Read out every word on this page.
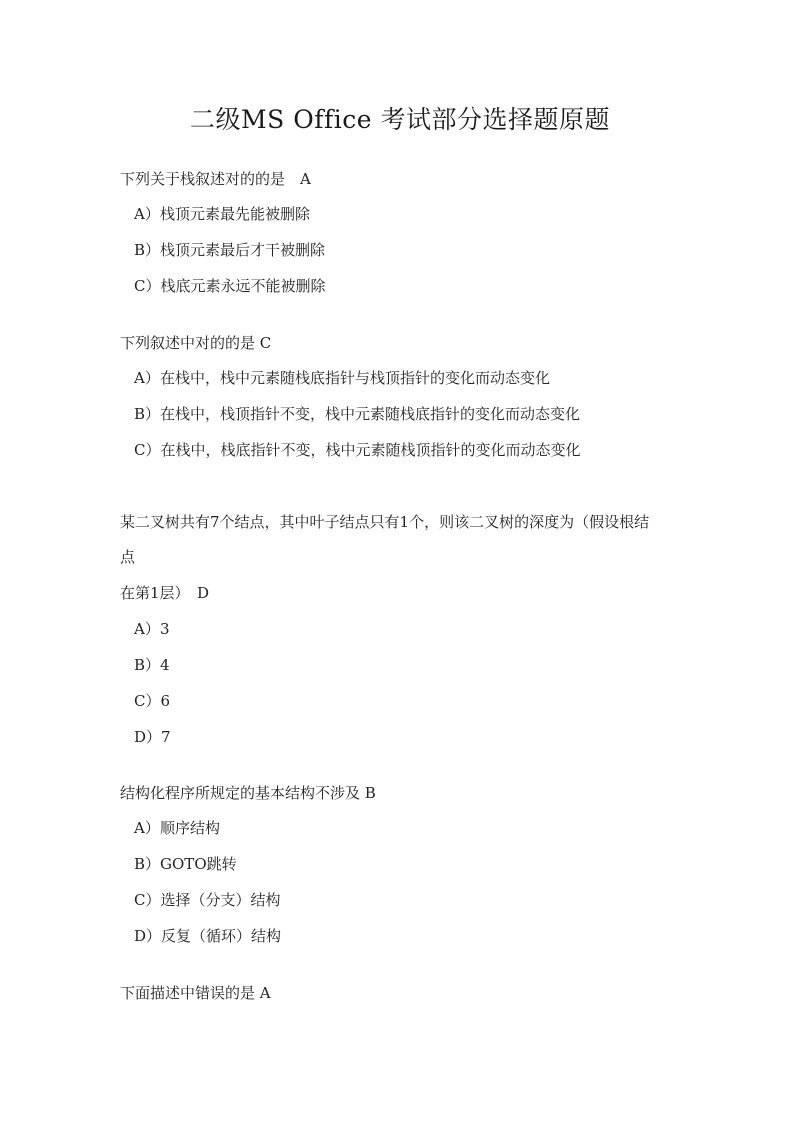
二级MS Office 考试部分选择题原题
下列关于栈叙述对的的是　A
A）栈顶元素最先能被删除
B）栈顶元素最后才干被删除
C）栈底元素永远不能被删除
下列叙述中对的的是 C
A）在栈中，栈中元素随栈底指针与栈顶指针的变化而动态变化
B）在栈中，栈顶指针不变，栈中元素随栈底指针的变化而动态变化
C）在栈中，栈底指针不变，栈中元素随栈顶指针的变化而动态变化
某二叉树共有7个结点，其中叶子结点只有1个，则该二叉树的深度为（假设根结
点
在第1层）　D
A）3
B）4
C）6
D）7
结构化程序所规定的基本结构不涉及 B
A）顺序结构
B）GOTO跳转
C）选择（分支）结构
D）反复（循环）结构
下面描述中错误的是 A
